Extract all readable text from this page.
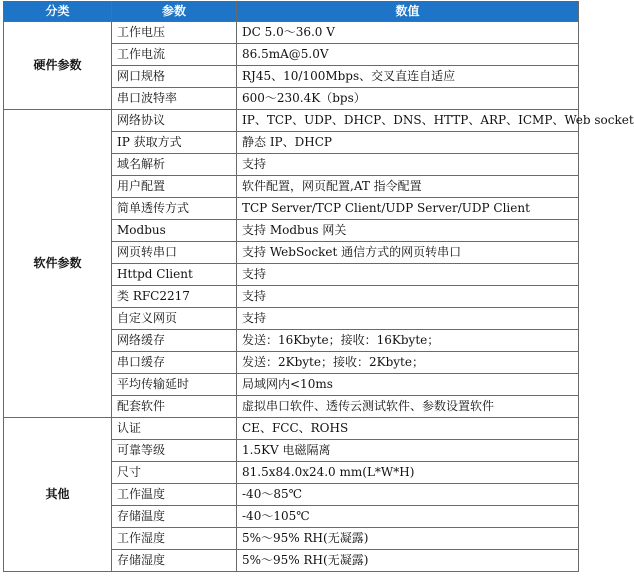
分类	参数	数值
硬件参数	工作电压	DC 5.0～36.0 V
	工作电流	86.5mA@5.0V
	网口规格	RJ45、10/100Mbps、交叉直连自适应
	串口波特率	600～230.4K（bps）
软件参数	网络协议	IP、TCP、UDP、DHCP、DNS、HTTP、ARP、ICMP、Web socket
	IP 获取方式	静态 IP、DHCP
	域名解析	支持
	用户配置	软件配置，网页配置,AT 指令配置
	简单透传方式	TCP Server/TCP Client/UDP Server/UDP Client
	Modbus	支持 Modbus 网关
	网页转串口	支持 WebSocket 通信方式的网页转串口
	Httpd Client	支持
	类 RFC2217	支持
	自定义网页	支持
	网络缓存	发送：16Kbyte；接收：16Kbyte；
	串口缓存	发送：2Kbyte；接收：2Kbyte；
	平均传输延时	局域网内<10ms
	配套软件	虚拟串口软件、透传云测试软件、参数设置软件
其他	认证	CE、FCC、ROHS
	可靠等级	1.5KV 电磁隔离
	尺寸	81.5x84.0x24.0 mm(L*W*H)
	工作温度	-40～85℃
	存储温度	-40～105℃
	工作湿度	5%～95% RH(无凝露)
	存储湿度	5%～95% RH(无凝露)
